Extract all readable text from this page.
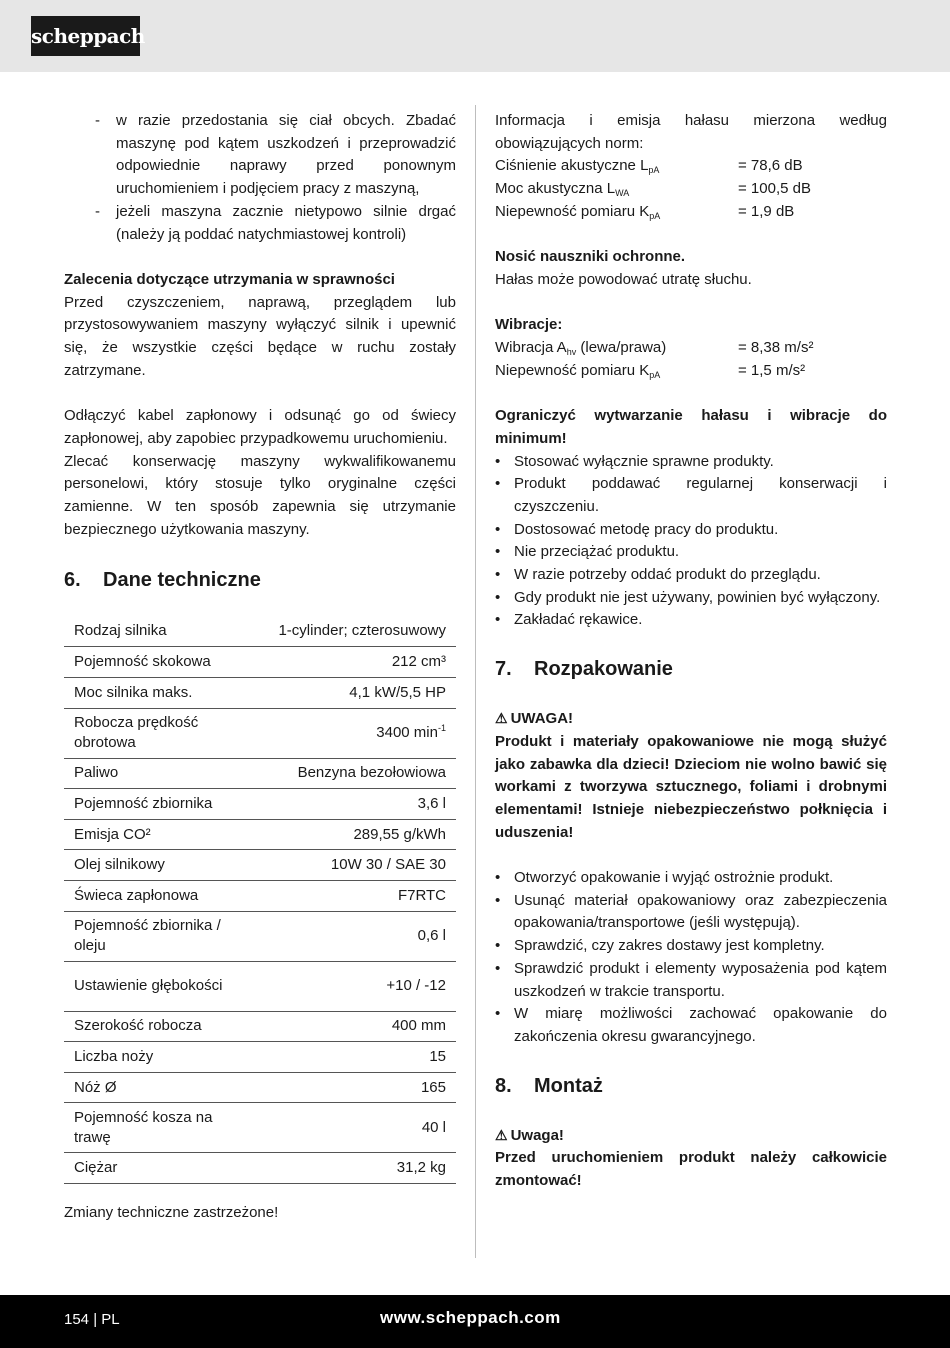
scheppach
- w razie przedostania się ciał obcych. Zbadać maszynę pod kątem uszkodzeń i przeprowadzić odpowiednie naprawy przed ponownym uruchomieniem i podjęciem pracy z maszyną,
- jeżeli maszyna zacznie nietypowo silnie drgać (należy ją poddać natychmiastowej kontroli)
Zalecenia dotyczące utrzymania w sprawności
Przed czyszczeniem, naprawą, przeglądem lub przystosowywaniem maszyny wyłączyć silnik i upewnić się, że wszystkie części będące w ruchu zostały zatrzymane.
Odłączyć kabel zapłonowy i odsunąć go od świecy zapłonowej, aby zapobiec przypadkowemu uruchomieniu.
Zlecać konserwację maszyny wykwalifikowanemu personelowi, który stosuje tylko oryginalne części zamienne. W ten sposób zapewnia się utrzymanie bezpiecznego użytkowania maszyny.
6.	Dane techniczne
Rodzaj silnika	1-cylinder; czterosuwowy
Pojemność skokowa	212 cm³
Moc silnika maks.	4,1 kW/5,5 HP
Robocza prędkość obrotowa	3400 $\min^{-1}$
Paliwo	Benzyna bezołowiowa
Pojemność zbiornika	3,6 l
Emisja CO²	289,55 g/kWh
Olej silnikowy	10W 30 / SAE 30
Świeca zapłonowa	F7RTC
Pojemność zbiornika / oleju	0,6 l
Ustawienie głębokości	+10 / -12
Szerokość robocza	400 mm
Liczba noży	15
Nóż Ø	165
Pojemność kosza na trawę	40 l
Ciężar	31,2 kg
Zmiany techniczne zastrzeżone!
Informacja i emisja hałasu mierzona według obowiązujących norm:
Ciśnienie akustyczne $L_{pA}$	= 78,6 dB
Moc akustyczna $L_{WA}$	= 100,5 dB
Niepewność pomiaru $K_{pA}$	= 1,9 dB
Nosić nauszniki ochronne.
Hałas może powodować utratę słuchu.
Wibracje:
Wibracja $A_{hv}$ (lewa/prawa)	= 8,38 m/s²
Niepewność pomiaru $K_{pA}$	= 1,5 m/s²
Ograniczyć wytwarzanie hałasu i wibracje do minimum!
• Stosować wyłącznie sprawne produkty.
• Produkt poddawać regularnej konserwacji i czyszczeniu.
• Dostosować metodę pracy do produktu.
• Nie przeciążać produktu.
• W razie potrzeby oddać produkt do przeglądu.
• Gdy produkt nie jest używany, powinien być wyłączony.
• Zakładać rękawice.
7.	Rozpakowanie
⚠ UWAGA!
Produkt i materiały opakowaniowe nie mogą służyć jako zabawka dla dzieci! Dzieciom nie wolno bawić się workami z tworzywa sztucznego, foliami i drobnymi elementami! Istnieje niebezpieczeństwo połknięcia i uduszenia!
• Otworzyć opakowanie i wyjąć ostrożnie produkt.
• Usunąć materiał opakowaniowy oraz zabezpieczenia opakowania/transportowe (jeśli występują).
• Sprawdzić, czy zakres dostawy jest kompletny.
• Sprawdzić produkt i elementy wyposażenia pod kątem uszkodzeń w trakcie transportu.
• W miarę możliwości zachować opakowanie do zakończenia okresu gwarancyjnego.
8.	Montaż
⚠ Uwaga!
Przed uruchomieniem produkt należy całkowicie zmontować!
154 | PL	www.scheppach.com
